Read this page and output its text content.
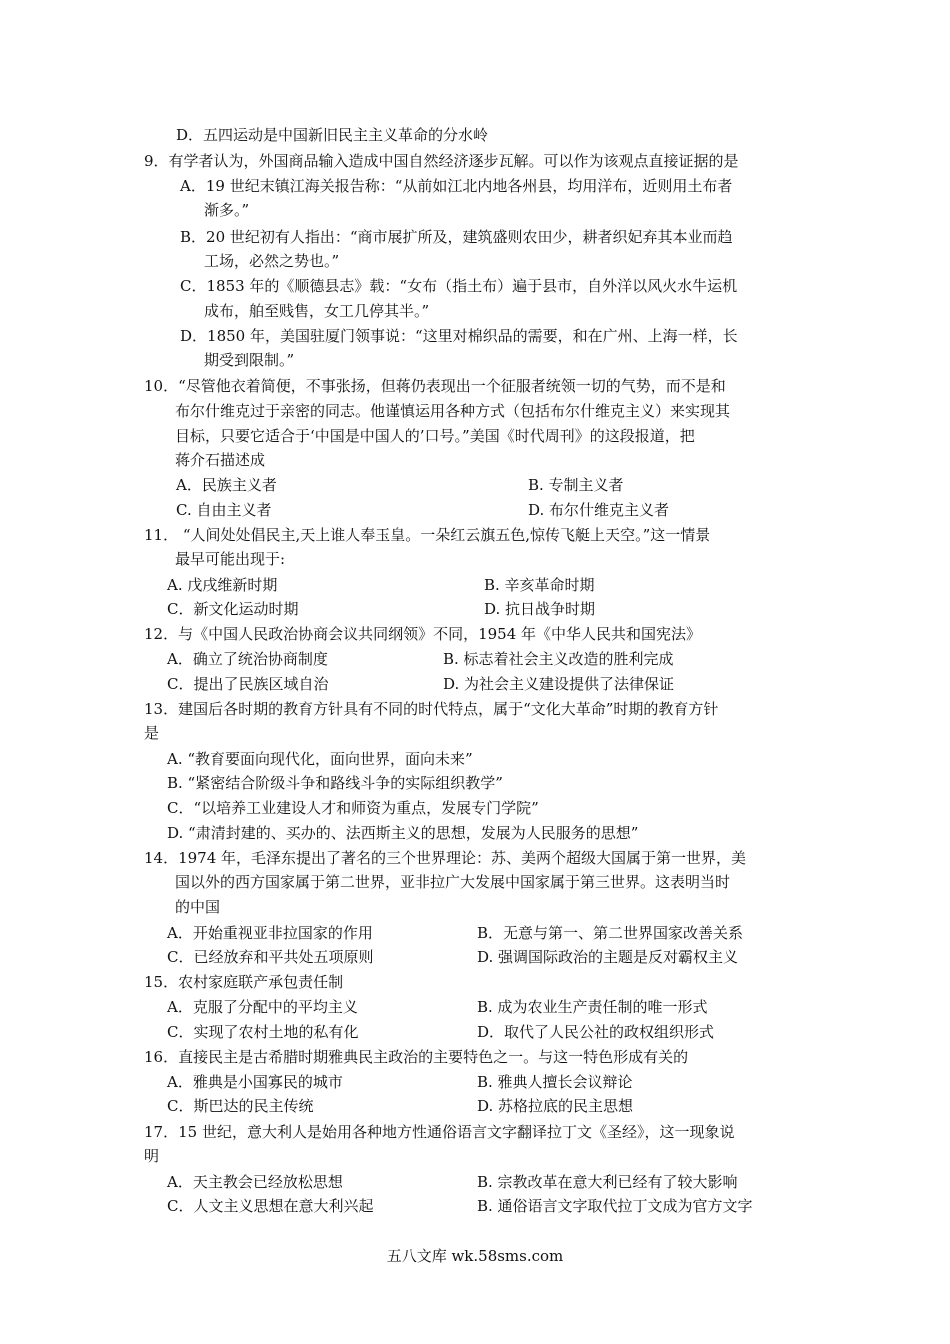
D．五四运动是中国新旧民主主义革命的分水岭
9．有学者认为，外国商品输入造成中国自然经济逐步瓦解。可以作为该观点直接证据的是
A．19 世纪末镇江海关报告称：“从前如江北内地各州县，均用洋布，近则用土布者
渐多。”
B．20 世纪初有人指出：“商市展扩所及，建筑盛则农田少，耕者织妃弃其本业而趋
工场，必然之势也。”
C．1853 年的《顺德县志》载：“女布（指土布）遍于县市，自外洋以风火水牛运机
成布，舶至贱售，女工几停其半。”
D．1850 年，美国驻厦门领事说：“这里对棉织品的需要，和在广州、上海一样，长
期受到限制。”
10．“尽管他衣着简便，不事张扬，但蒋仍表现出一个征服者统领一切的气势，而不是和
布尔什维克过于亲密的同志。他谨慎运用各种方式（包括布尔什维克主义）来实现其
目标，只要它适合于‘中国是中国人的’口号。”美国《时代周刊》的这段报道，把
蒋介石描述成
A．民族主义者	B. 专制主义者
C. 自由主义者	D. 布尔什维克主义者
11． “人间处处倡民主,天上谁人奉玉皇。一朵红云旗五色,惊传飞艇上天空。”这一情景
最早可能出现于:
A. 戊戌维新时期	B. 辛亥革命时期
C．新文化运动时期	D. 抗日战争时期
12．与《中国人民政治协商会议共同纲领》不同，1954 年《中华人民共和国宪法》
A．确立了统治协商制度	B. 标志着社会主义改造的胜利完成
C．提出了民族区域自治	D. 为社会主义建设提供了法律保证
13．建国后各时期的教育方针具有不同的时代特点，属于“文化大革命”时期的教育方针
是
A. “教育要面向现代化，面向世界，面向未来”
B. “紧密结合阶级斗争和路线斗争的实际组织教学”
C．“以培养工业建设人才和师资为重点，发展专门学院”
D. “肃清封建的、买办的、法西斯主义的思想，发展为人民服务的思想”
14．1974 年，毛泽东提出了著名的三个世界理论：苏、美两个超级大国属于第一世界，美
国以外的西方国家属于第二世界，亚非拉广大发展中国家属于第三世界。这表明当时
的中国
A．开始重视亚非拉国家的作用	B．无意与第一、第二世界国家改善关系
C．已经放弃和平共处五项原则	D. 强调国际政治的主题是反对霸权主义
15．农村家庭联产承包责任制
A．克服了分配中的平均主义	B. 成为农业生产责任制的唯一形式
C．实现了农村土地的私有化	D．取代了人民公社的政权组织形式
16．直接民主是古希腊时期雅典民主政治的主要特色之一。与这一特色形成有关的
A．雅典是小国寡民的城市	B. 雅典人擅长会议辩论
C．斯巴达的民主传统	D. 苏格拉底的民主思想
17．15 世纪，意大利人是始用各种地方性通俗语言文字翻译拉丁文《圣经》，这一现象说
明
A．天主教会已经放松思想	B. 宗教改革在意大利已经有了较大影响
C．人文主义思想在意大利兴起	B. 通俗语言文字取代拉丁文成为官方文字
五八文库 wk.58sms.com
